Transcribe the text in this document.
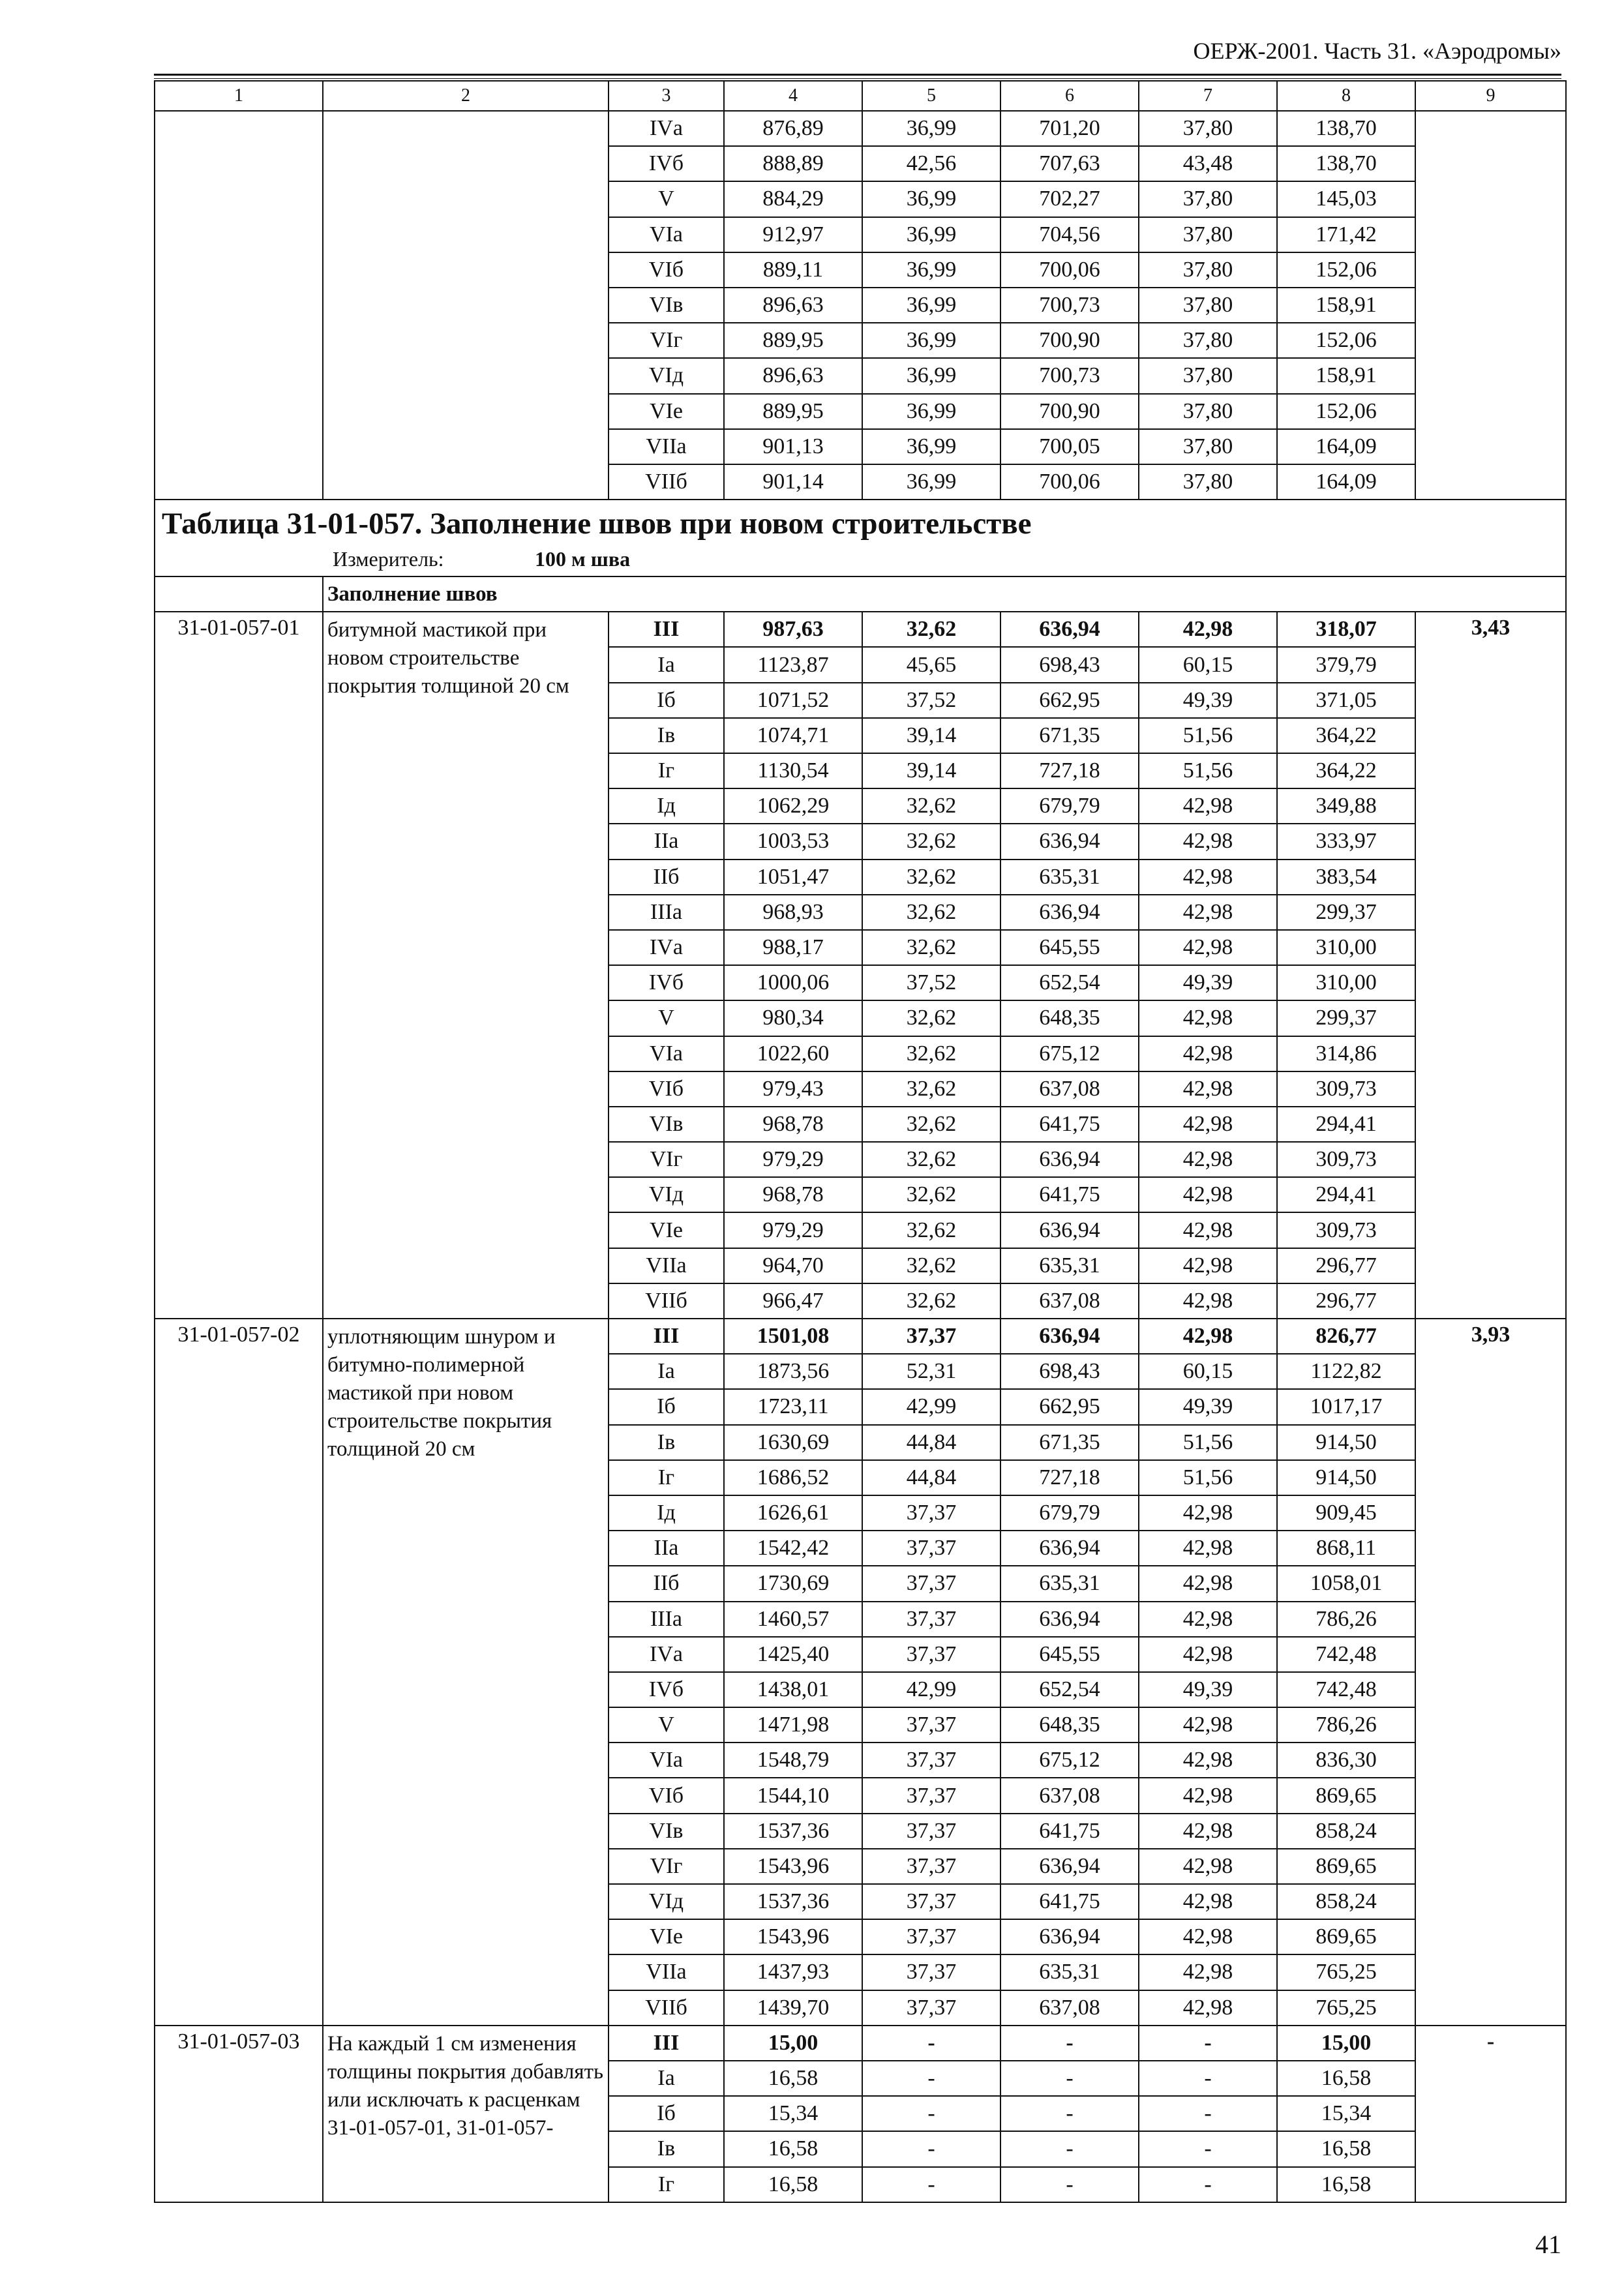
ОЕРЖ-2001. Часть 31. «Аэродромы»
1	2	3	4	5	6	7	8	9
		IVа	876,89	36,99	701,20	37,80	138,70	
		IVб	888,89	42,56	707,63	43,48	138,70	
		V	884,29	36,99	702,27	37,80	145,03	
		VIа	912,97	36,99	704,56	37,80	171,42	
		VIб	889,11	36,99	700,06	37,80	152,06	
		VIв	896,63	36,99	700,73	37,80	158,91	
		VIг	889,95	36,99	700,90	37,80	152,06	
		VIд	896,63	36,99	700,73	37,80	158,91	
		VIе	889,95	36,99	700,90	37,80	152,06	
		VIIа	901,13	36,99	700,05	37,80	164,09	
		VIIб	901,14	36,99	700,06	37,80	164,09	

Таблица 31-01-057. Заполнение швов при новом строительстве
Измеритель: 100 м шва								

	Заполнение швов							
31-01-057-01	битумной мастикой при новом строительстве покрытия толщиной 20 см	III	987,63	32,62	636,94	42,98	318,07	3,43
		Iа	1123,87	45,65	698,43	60,15	379,79	
		Iб	1071,52	37,52	662,95	49,39	371,05	
		Iв	1074,71	39,14	671,35	51,56	364,22	
		Iг	1130,54	39,14	727,18	51,56	364,22	
		Iд	1062,29	32,62	679,79	42,98	349,88	
		IIа	1003,53	32,62	636,94	42,98	333,97	
		IIб	1051,47	32,62	635,31	42,98	383,54	
		IIIа	968,93	32,62	636,94	42,98	299,37	
		IVа	988,17	32,62	645,55	42,98	310,00	
		IVб	1000,06	37,52	652,54	49,39	310,00	
		V	980,34	32,62	648,35	42,98	299,37	
		VIа	1022,60	32,62	675,12	42,98	314,86	
		VIб	979,43	32,62	637,08	42,98	309,73	
		VIв	968,78	32,62	641,75	42,98	294,41	
		VIг	979,29	32,62	636,94	42,98	309,73	
		VIд	968,78	32,62	641,75	42,98	294,41	
		VIе	979,29	32,62	636,94	42,98	309,73	
		VIIа	964,70	32,62	635,31	42,98	296,77	
		VIIб	966,47	32,62	637,08	42,98	296,77	
31-01-057-02	уплотняющим шнуром и битумно-полимерной мастикой при новом строительстве покрытия толщиной 20 см	III	1501,08	37,37	636,94	42,98	826,77	3,93
		Iа	1873,56	52,31	698,43	60,15	1122,82	
		Iб	1723,11	42,99	662,95	49,39	1017,17	
		Iв	1630,69	44,84	671,35	51,56	914,50	
		Iг	1686,52	44,84	727,18	51,56	914,50	
		Iд	1626,61	37,37	679,79	42,98	909,45	
		IIа	1542,42	37,37	636,94	42,98	868,11	
		IIб	1730,69	37,37	635,31	42,98	1058,01	
		IIIа	1460,57	37,37	636,94	42,98	786,26	
		IVа	1425,40	37,37	645,55	42,98	742,48	
		IVб	1438,01	42,99	652,54	49,39	742,48	
		V	1471,98	37,37	648,35	42,98	786,26	
		VIа	1548,79	37,37	675,12	42,98	836,30	
		VIб	1544,10	37,37	637,08	42,98	869,65	
		VIв	1537,36	37,37	641,75	42,98	858,24	
		VIг	1543,96	37,37	636,94	42,98	869,65	
		VIд	1537,36	37,37	641,75	42,98	858,24	
		VIе	1543,96	37,37	636,94	42,98	869,65	
		VIIа	1437,93	37,37	635,31	42,98	765,25	
		VIIб	1439,70	37,37	637,08	42,98	765,25	
31-01-057-03	На каждый 1 см изменения толщины покрытия добавлять или исключать к расценкам 31-01-057-01, 31-01-057-	III	15,00	-	-	-	15,00	-
		Iа	16,58	-	-	-	16,58	
		Iб	15,34	-	-	-	15,34	
		Iв	16,58	-	-	-	16,58	
		Iг	16,58	-	-	-	16,58	
41
